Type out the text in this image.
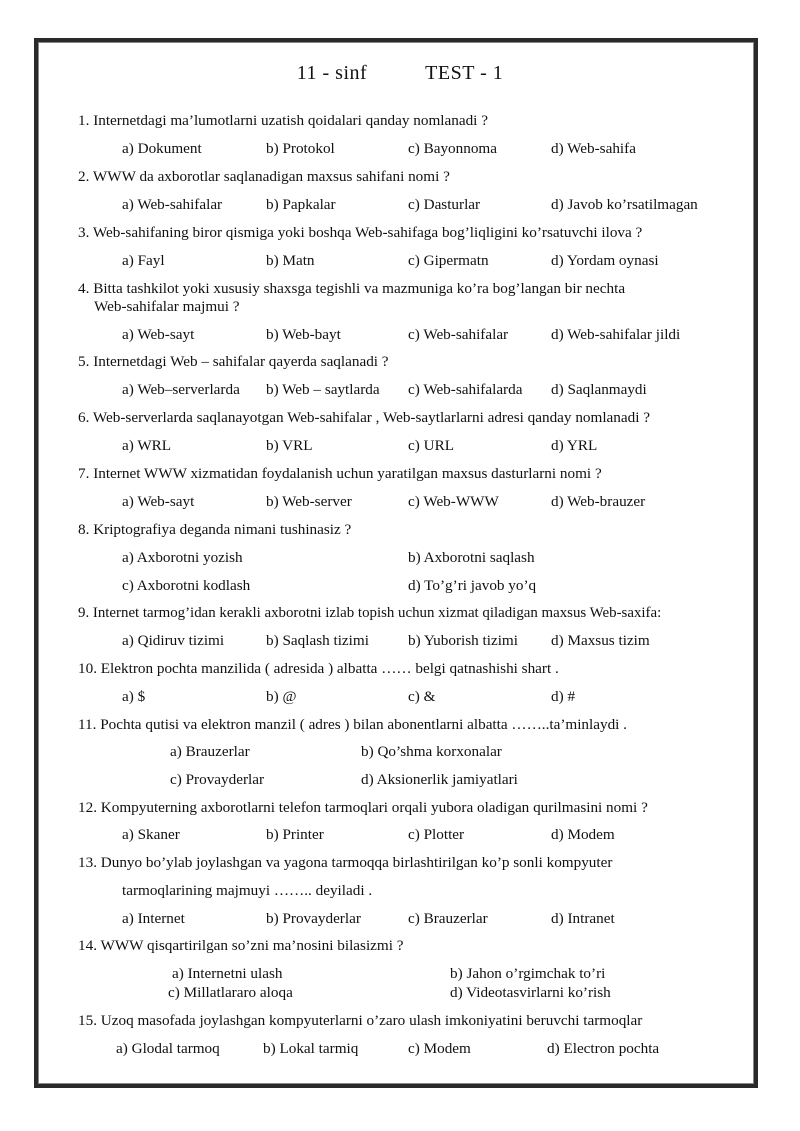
11 - sinf	TEST - 1
1. Internetdagi ma’lumotlarni uzatish qoidalari qanday nomlanadi ?
a) Dokument	b) Protokol	c) Bayonnoma	d) Web-sahifa
2. WWW da axborotlar saqlanadigan maxsus sahifani nomi ?
a) Web-sahifalar	b) Papkalar	c) Dasturlar	d) Javob ko’rsatilmagan
3. Web-sahifaning biror qismiga yoki boshqa Web-sahifaga bog’liqligini ko’rsatuvchi ilova ?
a) Fayl	b) Matn	c) Gipermatn	d) Yordam oynasi
4. Bitta tashkilot yoki xususiy shaxsga tegishli va mazmuniga ko’ra bog’langan bir nechta
Web-sahifalar majmui ?
a) Web-sayt	b) Web-bayt	c) Web-sahifalar	d) Web-sahifalar jildi
5. Internetdagi Web – sahifalar qayerda saqlanadi ?
a) Web–serverlarda b) Web – saytlarda c) Web-sahifalarda d) Saqlanmaydi
6. Web-serverlarda saqlanayotgan Web-sahifalar , Web-saytlarlarni adresi qanday nomlanadi ?
a) WRL	b) VRL	c) URL	d) YRL
7. Internet WWW xizmatidan foydalanish uchun yaratilgan maxsus dasturlarni nomi ?
a) Web-sayt	b) Web-server	c) Web-WWW	d) Web-brauzer
8. Kriptografiya deganda nimani tushinasiz ?
a) Axborotni yozish	b) Axborotni saqlash
c) Axborotni kodlash	d) To’g’ri javob yo’q
9. Internet tarmog’idan kerakli axborotni izlab topish uchun xizmat qiladigan maxsus Web-saxifa:
a) Qidiruv tizimi	b) Saqlash tizimi	b) Yuborish tizimi d) Maxsus tizim
10. Elektron pochta manzilida ( adresida ) albatta …… belgi qatnashishi shart .
a) $	b) @	c) &	d) #
11. Pochta qutisi va elektron manzil ( adres ) bilan abonentlarni albatta ……..ta’minlaydi .
a) Brauzerlar	b) Qo’shma korxonalar
c) Provayderlar	d) Aksionerlik jamiyatlari
12. Kompyuterning axborotlarni telefon tarmoqlari orqali yubora oladigan qurilmasini nomi ?
a) Skaner	b) Printer	c) Plotter	d) Modem
13. Dunyo bo’ylab joylashgan va yagona tarmoqqa birlashtirilgan ko’p sonli kompyuter
tarmoqlarining majmuyi …….. deyiladi .
a) Internet	b) Provayderlar	c) Brauzerlar	d) Intranet
14. WWW qisqartirilgan so’zni ma’nosini bilasizmi ?
a) Internetni ulash	b) Jahon o’rgimchak to’ri
c) Millatlararo aloqa	d) Videotasvirlarni ko’rish
15. Uzoq masofada joylashgan kompyuterlarni o’zaro ulash imkoniyatini beruvchi tarmoqlar
a) Glodal tarmoq	b) Lokal tarmiq	c) Modem	d) Electron pochta
